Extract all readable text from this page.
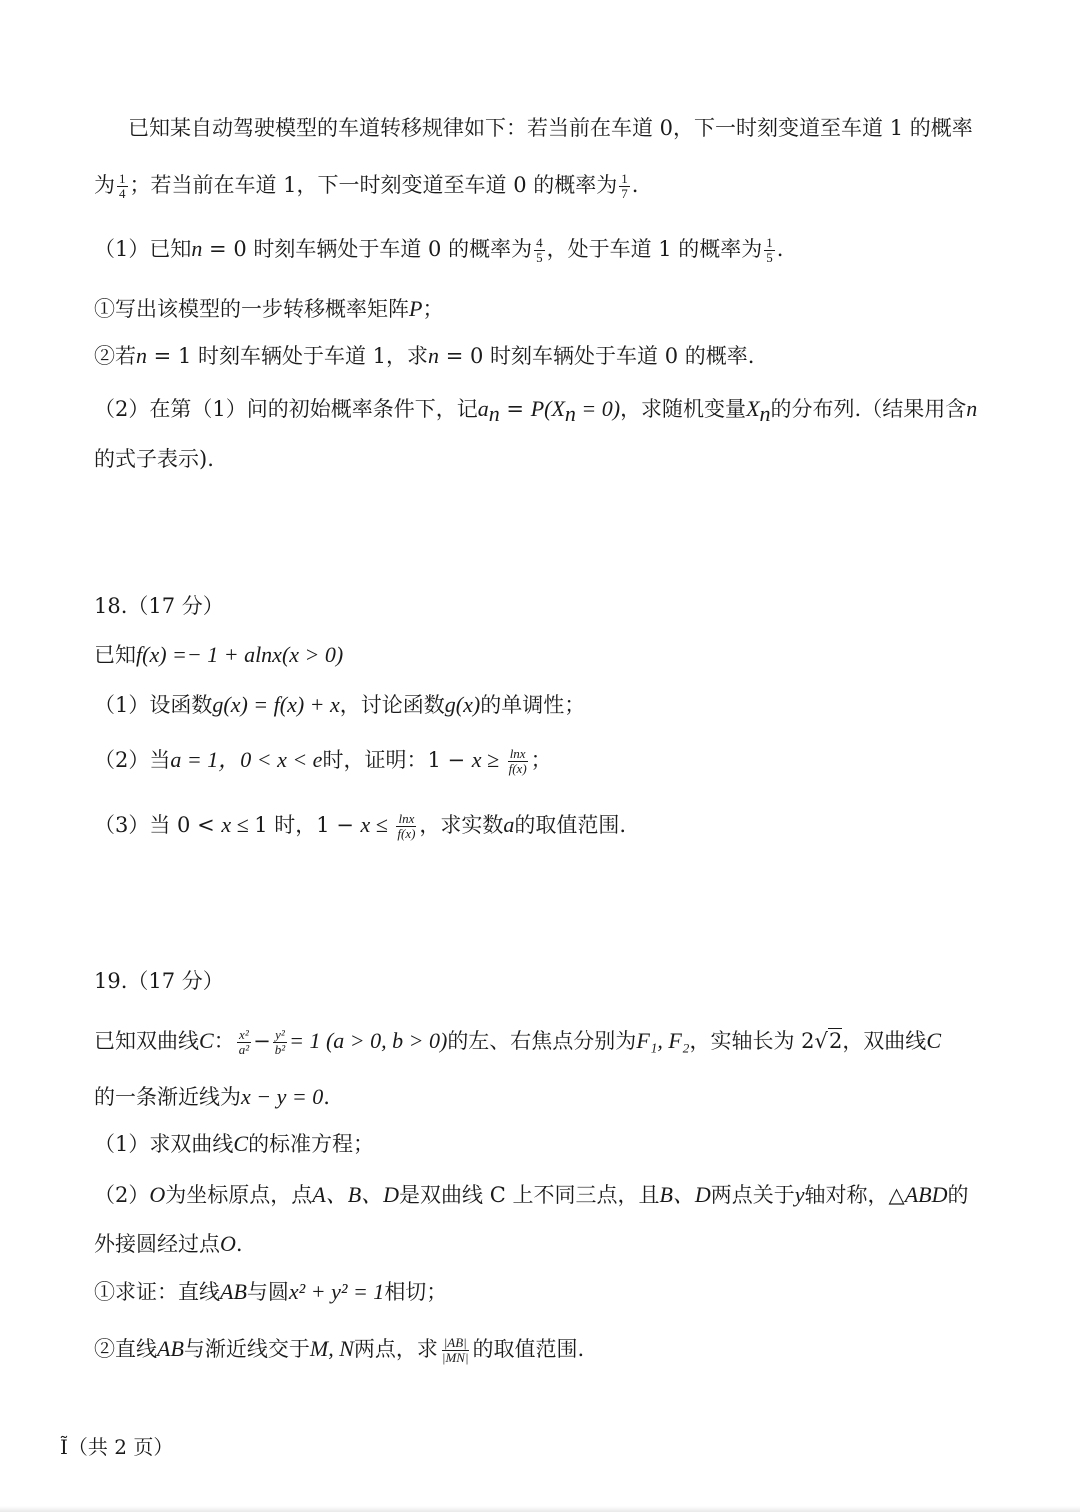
已知某自动驾驶模型的车道转移规律如下：若当前在车道 0，下一时刻变道至车道 1 的概率
为 $\frac{1}{4}$ ；若当前在车道 1，下一时刻变道至车道 0 的概率为 $\frac{1}{7}$ .
（1）已知n = 0 时刻车辆处于车道 0 的概率为 $\frac{4}{5}$ ，处于车道 1 的概率为 $\frac{1}{5}$ .
①写出该模型的一步转移概率矩阵P；
②若n = 1 时刻车辆处于车道 1，求n = 0 时刻车辆处于车道 0 的概率.
（2）在第（1）问的初始概率条件下，记$a_n = P(X_n = 0)$，求随机变量$X_n$的分布列.（结果用含n
的式子表示).
18.（17 分）
已知f(x) =− 1 + alnx(x > 0)
（1）设函数g(x) = f(x) + x，讨论函数g(x)的单调性；
（2）当a = 1，0 < x < e时，证明：$1 - x \ge \frac{\ln x}{f(x)}$ ；
（3）当 0 < x ≤ 1 时，$1 - x \le \frac{\ln x}{f(x)}$ ，求实数a的取值范围.
19.（17 分）
已知双曲线C： $\frac{\text{x²}}{\text{a²}} - \frac{\text{y²}}{\text{b²}} = 1$ (a > 0, b > 0)的左、右焦点分别为F₁, F₂，实轴长为 2√2，双曲线C
的一条渐近线为x − y = 0.
（1）求双曲线C的标准方程；
（2）O为坐标原点，点A、B、D是双曲线 C 上不同三点，且B、D两点关于y轴对称，△ABD的
外接圆经过点O.
①求证：直线AB与圆x² + y² = 1相切；
②直线AB与渐近线交于M, N两点，求 $\frac{|AB|}{|MN|}$ 的取值范围.
Ĩ（共 2 页）
